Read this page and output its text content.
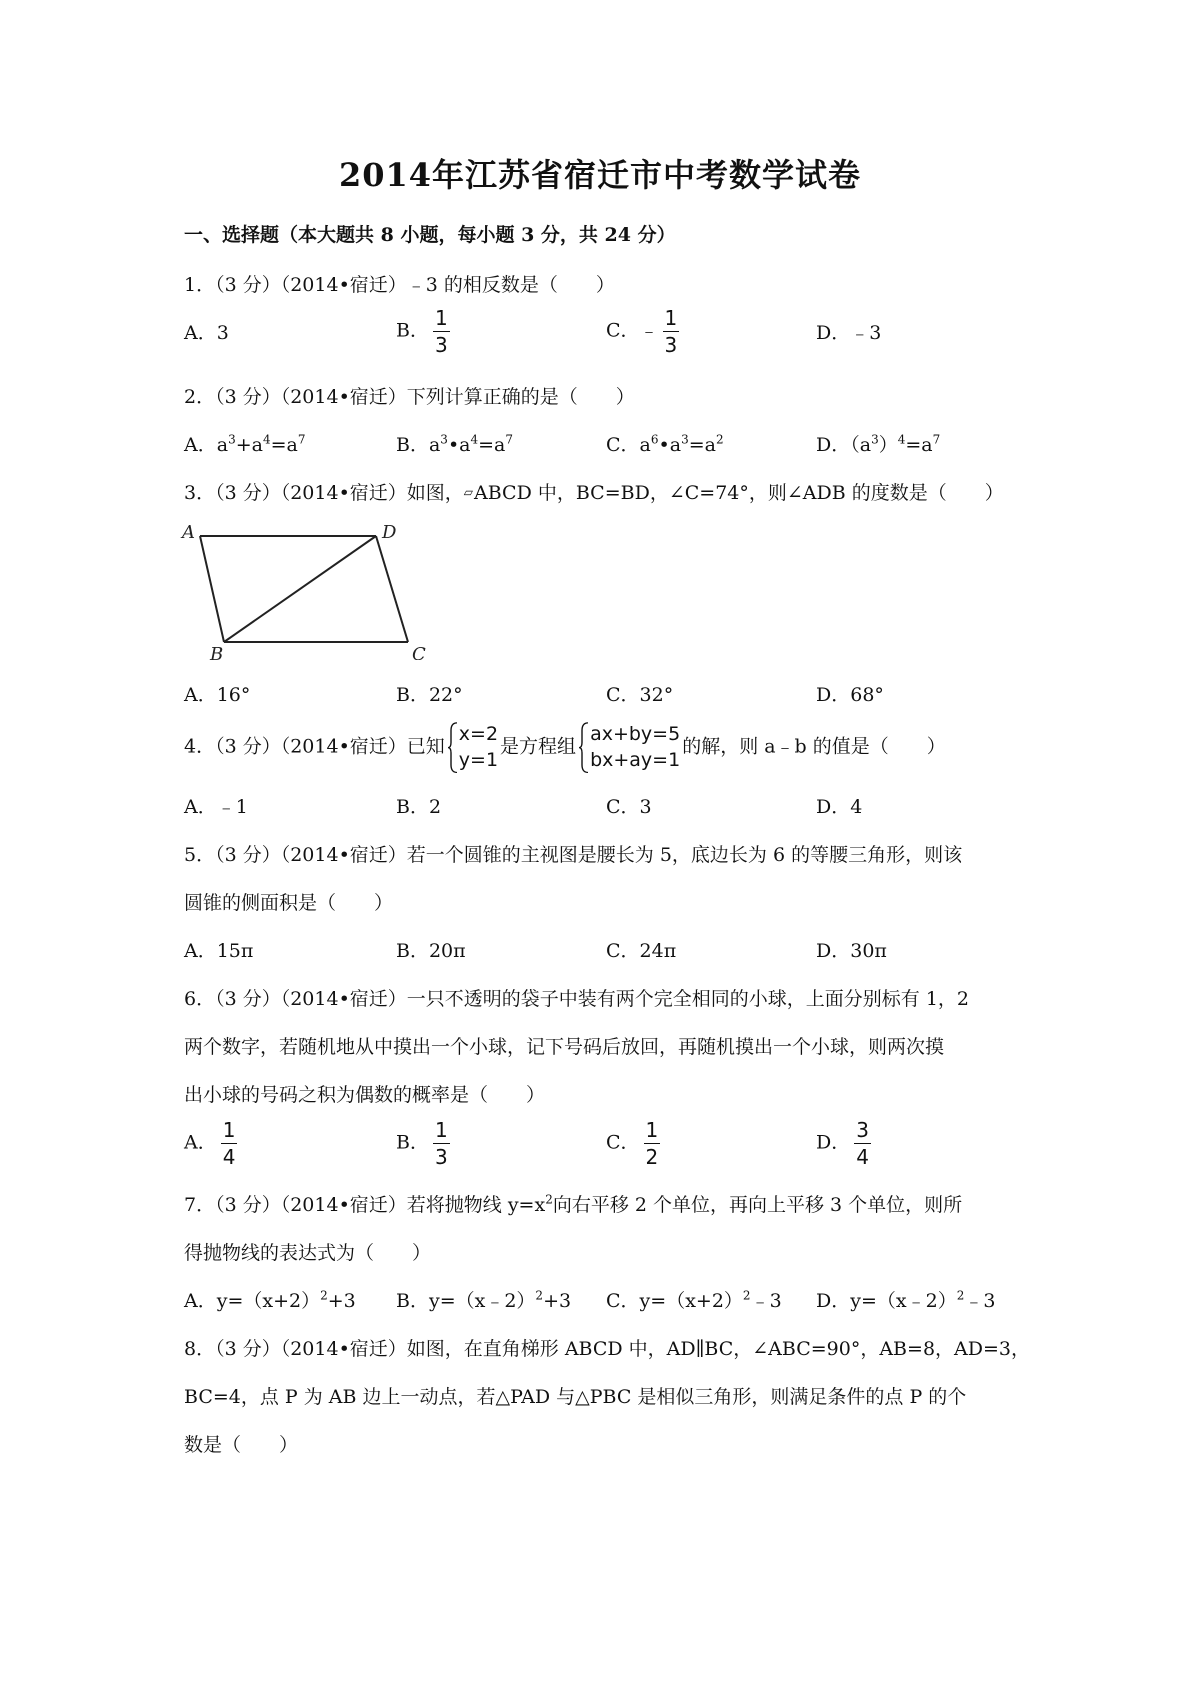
2014年江苏省宿迁市中考数学试卷
一、选择题（本大题共 8 小题，每小题 3 分，共 24 分）
1．（3 分）（2014•宿迁）﹣3 的相反数是（　　）
A．3	B． $\frac{1}{3}$	C．﹣ $\frac{1}{3}$	D．﹣3
2．（3 分）（2014•宿迁）下列计算正确的是（　　）
A．$a^3+a^4=a^7$	B．$a^3•a^4=a^7$	C．$a^6•a^3=a^2$	D．$(a^3)^4=a^7$
3．（3 分）（2014•宿迁）如图，▱ABCD 中，BC=BD，∠C=74°，则∠ADB 的度数是（　　）
A	D
B	C
A．16°	B．22°	C．32°	D．68°
4．（3 分）（2014•宿迁）已知
x=2
y=1
是方程组
ax+by=5
bx+ay=1
的解，则 a﹣b 的值是（　　）
A．﹣1	B．2	C．3	D．4
5．（3 分）（2014•宿迁）若一个圆锥的主视图是腰长为 5，底边长为 6 的等腰三角形，则该
圆锥的侧面积是（　　）
A．15π	B．20π	C．24π	D．30π
6．（3 分）（2014•宿迁）一只不透明的袋子中装有两个完全相同的小球，上面分别标有 1，2
两个数字，若随机地从中摸出一个小球，记下号码后放回，再随机摸出一个小球，则两次摸
出小球的号码之积为偶数的概率是（　　）
A． $\frac{1}{4}$	B． $\frac{1}{3}$	C． $\frac{1}{2}$	D． $\frac{3}{4}$
7．（3 分）（2014•宿迁）若将抛物线 $y=x^2$向右平移 2 个单位，再向上平移 3 个单位，则所
得抛物线的表达式为（　　）
A．$y=(x+2)^2+3$ B．y=（x﹣2）$^2$+3 C．$y=(x+2)^2﹣3$ D．y=（x﹣2）$^2$﹣3
8．（3 分）（2014•宿迁）如图，在直角梯形 ABCD 中，AD∥BC，∠ABC=90°，AB=8，AD=3，
BC=4，点 P 为 AB 边上一动点，若△PAD 与△PBC 是相似三角形，则满足条件的点 P 的个
数是（　　）
